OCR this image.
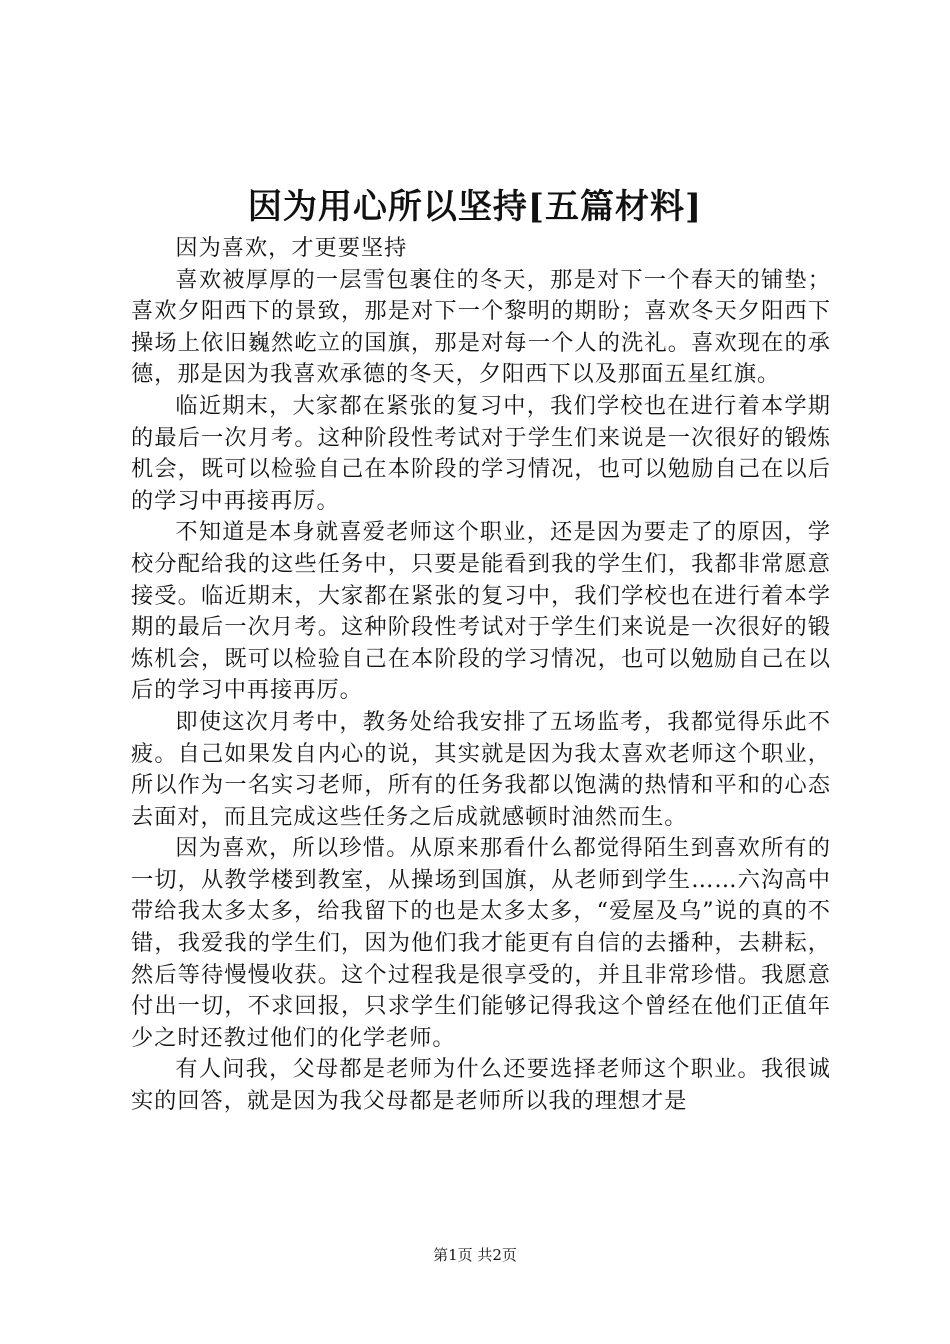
因为用心所以坚持[五篇材料]

因为喜欢，才更要坚持

喜欢被厚厚的一层雪包裹住的冬天，那是对下一个春天的铺垫；喜欢夕阳西下的景致，那是对下一个黎明的期盼；喜欢冬天夕阳西下操场上依旧巍然屹立的国旗，那是对每一个人的洗礼。喜欢现在的承德，那是因为我喜欢承德的冬天，夕阳西下以及那面五星红旗。

临近期末，大家都在紧张的复习中，我们学校也在进行着本学期的最后一次月考。这种阶段性考试对于学生们来说是一次很好的锻炼机会，既可以检验自己在本阶段的学习情况，也可以勉励自己在以后的学习中再接再厉。

不知道是本身就喜爱老师这个职业，还是因为要走了的原因，学校分配给我的这些任务中，只要是能看到我的学生们，我都非常愿意接受。临近期末，大家都在紧张的复习中，我们学校也在进行着本学期的最后一次月考。这种阶段性考试对于学生们来说是一次很好的锻炼机会，既可以检验自己在本阶段的学习情况，也可以勉励自己在以后的学习中再接再厉。

即使这次月考中，教务处给我安排了五场监考，我都觉得乐此不疲。自己如果发自内心的说，其实就是因为我太喜欢老师这个职业，所以作为一名实习老师，所有的任务我都以饱满的热情和平和的心态去面对，而且完成这些任务之后成就感顿时油然而生。

因为喜欢，所以珍惜。从原来那看什么都觉得陌生到喜欢所有的一切，从教学楼到教室，从操场到国旗，从老师到学生……六沟高中带给我太多太多，给我留下的也是太多太多，“爱屋及乌”说的真的不错，我爱我的学生们，因为他们我才能更有自信的去播种，去耕耘，然后等待慢慢收获。这个过程我是很享受的，并且非常珍惜。我愿意付出一切，不求回报，只求学生们能够记得我这个曾经在他们正值年少之时还教过他们的化学老师。

有人问我，父母都是老师为什么还要选择老师这个职业。我很诚实的回答，就是因为我父母都是老师所以我的理想才是

第1页 共2页
